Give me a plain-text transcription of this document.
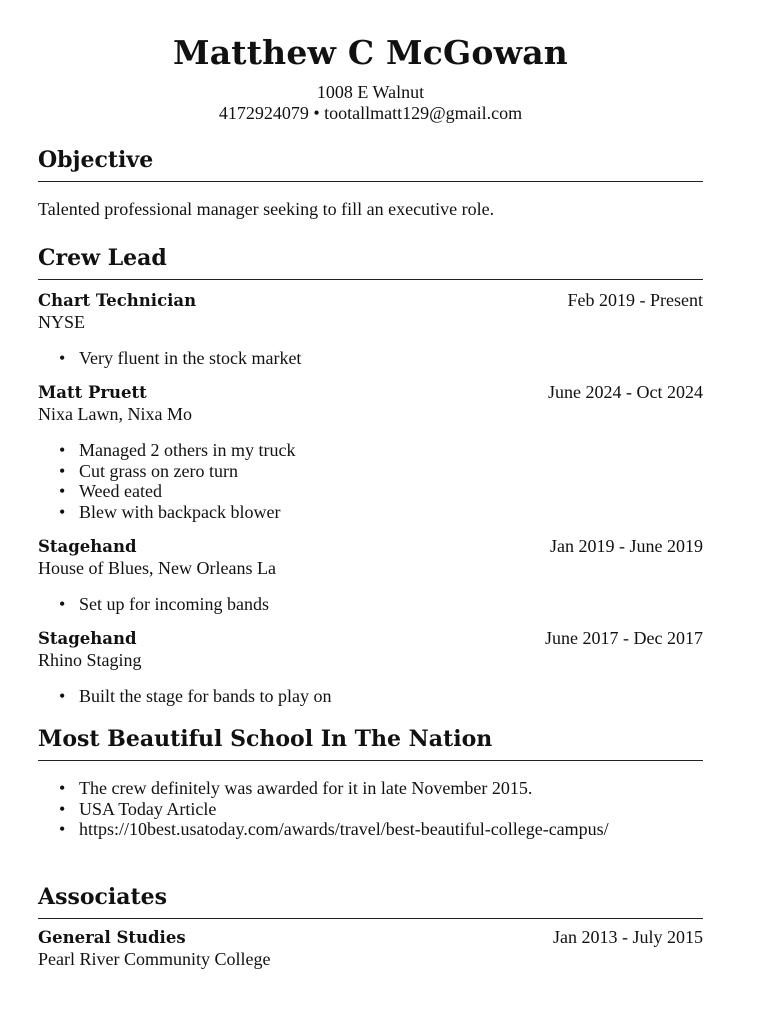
Matthew C McGowan
1008 E Walnut
4172924079 • tootallmatt129@gmail.com
Objective
Talented professional manager seeking to fill an executive role.
Crew Lead
Chart Technician	Feb 2019 - Present
NYSE
• Very fluent in the stock market
Matt Pruett	June 2024 - Oct 2024
Nixa Lawn, Nixa Mo
• Managed 2 others in my truck
• Cut grass on zero turn
• Weed eated
• Blew with backpack blower
Stagehand	Jan 2019 - June 2019
House of Blues, New Orleans La
• Set up for incoming bands
Stagehand	June 2017 - Dec 2017
Rhino Staging
• Built the stage for bands to play on
Most Beautiful School In The Nation
• The crew definitely was awarded for it in late November 2015.
• USA Today Article
• https://10best.usatoday.com/awards/travel/best-beautiful-college-campus/
Associates
General Studies	Jan 2013 - July 2015
Pearl River Community College
